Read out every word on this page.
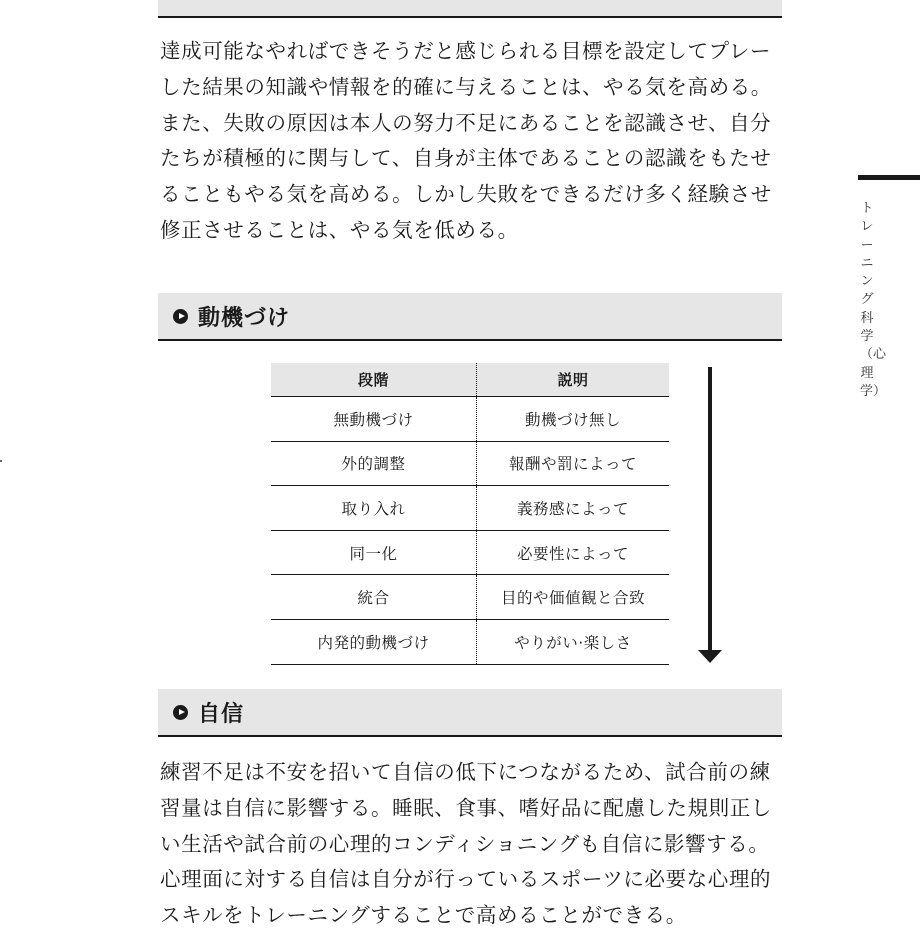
達成可能なやればできそうだと感じられる目標を設定してプレーした結果の知識や情報を的確に与えることは、やる気を高める。また、失敗の原因は本人の努力不足にあることを認識させ、自分たちが積極的に関与して、自身が主体であることの認識をもたせることもやる気を高める。しかし失敗をできるだけ多く経験させ修正させることは、やる気を低める。

動機づけ
段階	説明
無動機づけ	動機づけ無し
外的調整	報酬や罰によって
取り入れ	義務感によって
同一化	必要性によって
統合	目的や価値観と合致
内発的動機づけ	やりがい·楽しさ
自信

練習不足は不安を招いて自信の低下につながるため、試合前の練習量は自信に影響する。睡眠、食事、嗜好品に配慮した規則正しい生活や試合前の心理的コンディショニングも自信に影響する。心理面に対する自信は自分が行っているスポーツに必要な心理的スキルをトレーニングすることで高めることができる。

トレーニング科学（心理学）
